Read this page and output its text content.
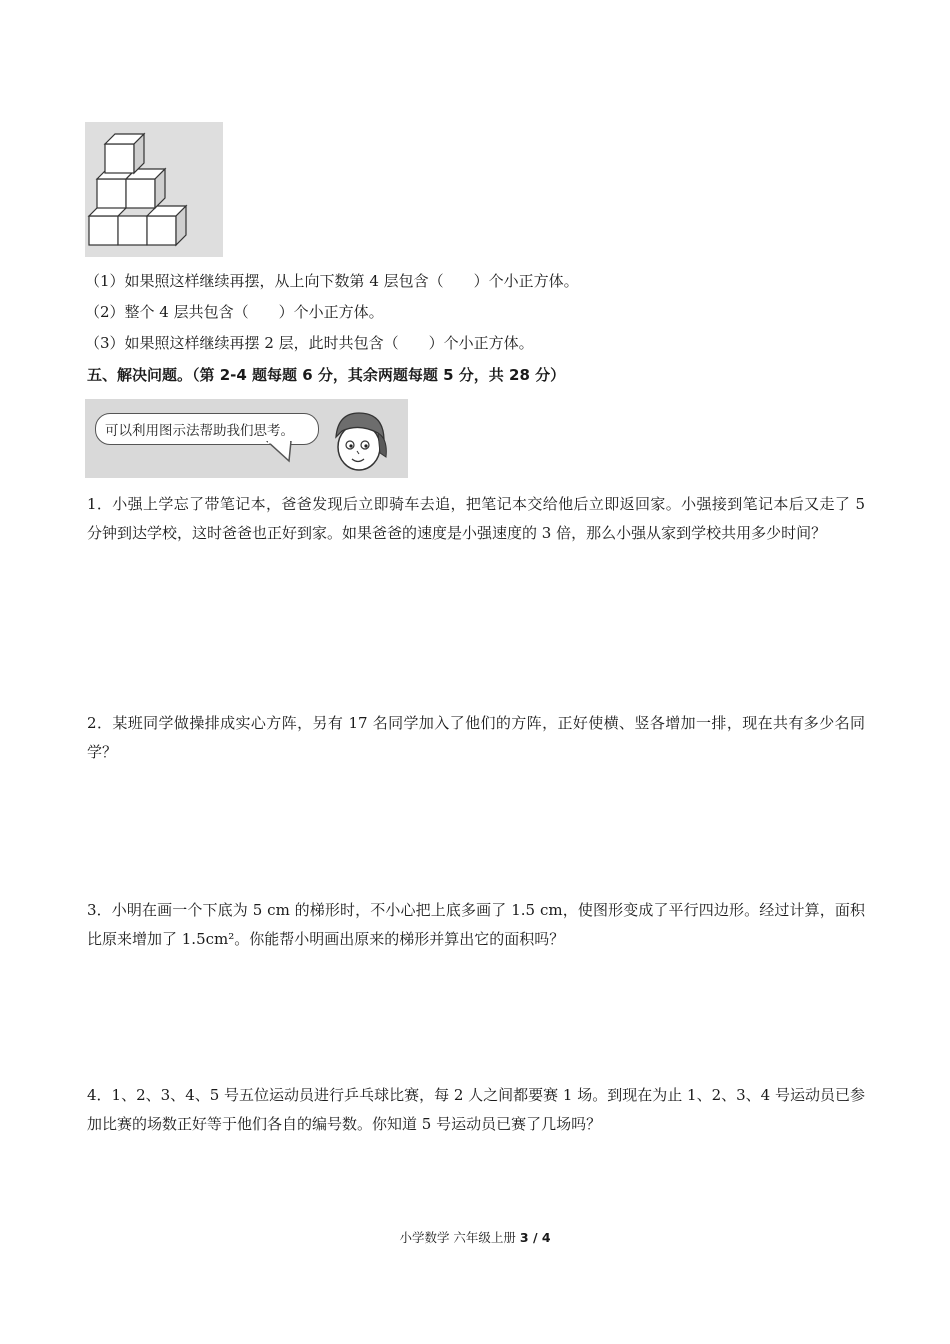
（1）如果照这样继续再摆，从上向下数第 4 层包含（　　）个小正方体。
（2）整个 4 层共包含（　　）个小正方体。
（3）如果照这样继续再摆 2 层，此时共包含（　　）个小正方体。
五、解决问题。（第 2-4 题每题 6 分，其余两题每题 5 分，共 28 分）
可以利用图示法帮助我们思考。
1．小强上学忘了带笔记本，爸爸发现后立即骑车去追，把笔记本交给他后立即返回家。小强接到笔记本后又走了 5 分钟到达学校，这时爸爸也正好到家。如果爸爸的速度是小强速度的 3 倍，那么小强从家到学校共用多少时间？
2．某班同学做操排成实心方阵，另有 17 名同学加入了他们的方阵，正好使横、竖各增加一排，现在共有多少名同学？
3．小明在画一个下底为 5 cm 的梯形时，不小心把上底多画了 1.5 cm，使图形变成了平行四边形。经过计算，面积比原来增加了 1.5cm²。你能帮小明画出原来的梯形并算出它的面积吗？
4．1、2、3、4、5 号五位运动员进行乒乓球比赛，每 2 人之间都要赛 1 场。到现在为止 1、2、3、4 号运动员已参加比赛的场数正好等于他们各自的编号数。你知道 5 号运动员已赛了几场吗？
小学数学 六年级上册 3 / 4
